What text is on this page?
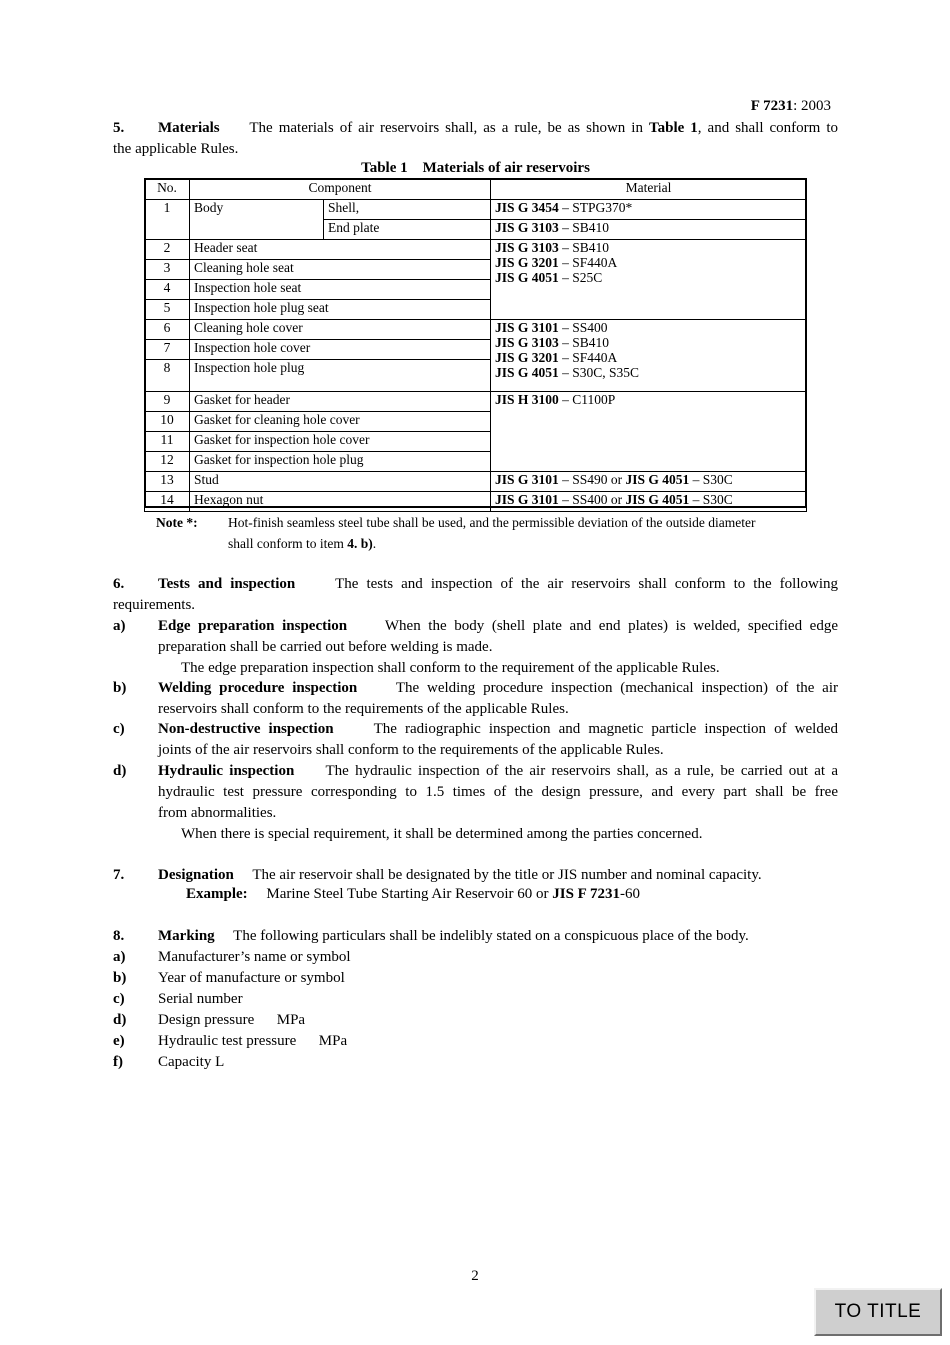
F 7231: 2003
5. Materials The materials of air reservoirs shall, as a rule, be as shown in Table 1, and shall conform to
the applicable Rules.
Table 1    Materials of air reservoirs
No.	Component		Material
1	Body	Shell,	JIS G 3454 – STPG370*
		End plate	JIS G 3103 – SB410
2	Header seat		JIS G 3103 – SB410
JIS G 3201 – SF440A
JIS G 4051 – S25C
3	Cleaning hole seat		
4	Inspection hole seat		
5	Inspection hole plug seat		
6	Cleaning hole cover		JIS G 3101 – SS400
JIS G 3103 – SB410
JIS G 3201 – SF440A
JIS G 4051 – S30C, S35C
7	Inspection hole cover		
8	Inspection hole plug		
9	Gasket for header		JIS H 3100 – C1100P
10	Gasket for cleaning hole cover		
11	Gasket for inspection hole cover		
12	Gasket for inspection hole plug		
13	Stud		JIS G 3101 – SS490 or JIS G 4051 – S30C
14	Hexagon nut		JIS G 3101 – SS400 or JIS G 4051 – S30C
Note *: Hot-finish seamless steel tube shall be used, and the permissible deviation of the outside diameter
shall conform to item 4. b).
6. Tests and inspection	The tests and inspection of the air reservoirs shall conform to the following
requirements.
a) Edge preparation inspection	When the body (shell plate and end plates) is welded, specified edge
preparation shall be carried out before welding is made.
The edge preparation inspection shall conform to the requirement of the applicable Rules.
b) Welding procedure inspection	The welding procedure inspection (mechanical inspection) of the air
reservoirs shall conform to the requirements of the applicable Rules.
c) Non-destructive inspection	The radiographic inspection and magnetic particle inspection of welded
joints of the air reservoirs shall conform to the requirements of the applicable Rules.
d) Hydraulic inspection The hydraulic inspection of the air reservoirs shall, as a rule, be carried out at a
hydraulic test pressure corresponding to 1.5 times of the design pressure, and every part shall be free
from abnormalities.
When there is special requirement, it shall be determined among the parties concerned.
7. Designation The air reservoir shall be designated by the title or JIS number and nominal capacity.
Example: Marine Steel Tube Starting Air Reservoir 60 or JIS F 7231-60
8. Marking The following particulars shall be indelibly stated on a conspicuous place of the body.
a) Manufacturer’s name or symbol
b) Year of manufacture or symbol
c) Serial number
d) Design pressure      MPa
e) Hydraulic test pressure      MPa
f) Capacity L
2
TO TITLE
